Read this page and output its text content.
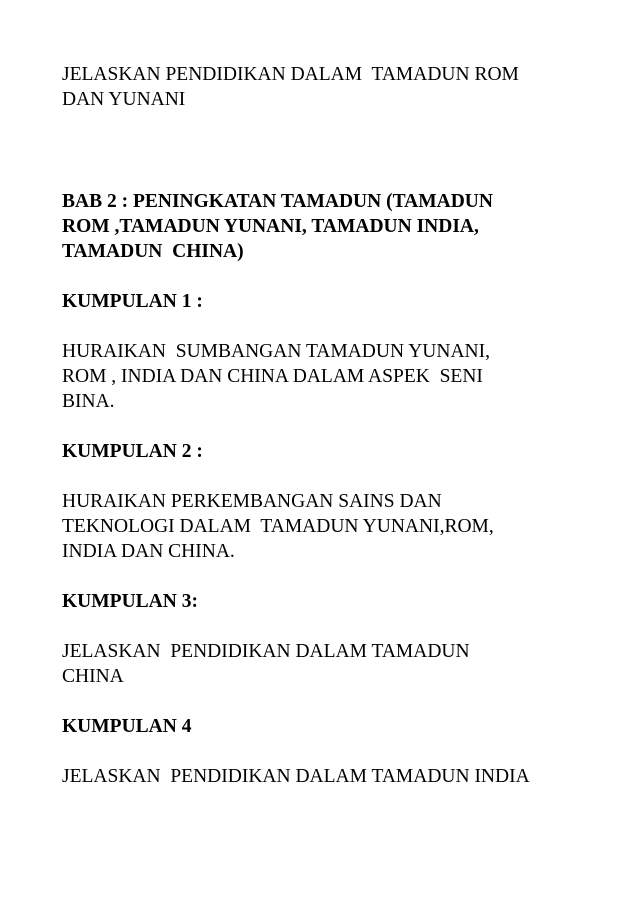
JELASKAN PENDIDIKAN DALAM  TAMADUN ROM
DAN YUNANI
BAB 2 : PENINGKATAN TAMADUN (TAMADUN
ROM ,TAMADUN YUNANI, TAMADUN INDIA,
TAMADUN  CHINA)
KUMPULAN 1 :
HURAIKAN  SUMBANGAN TAMADUN YUNANI,
ROM , INDIA DAN CHINA DALAM ASPEK  SENI
BINA.
KUMPULAN 2 :
HURAIKAN PERKEMBANGAN SAINS DAN
TEKNOLOGI DALAM  TAMADUN YUNANI,ROM,
INDIA DAN CHINA.
KUMPULAN 3:
JELASKAN  PENDIDIKAN DALAM TAMADUN
CHINA
KUMPULAN 4
JELASKAN  PENDIDIKAN DALAM TAMADUN INDIA
